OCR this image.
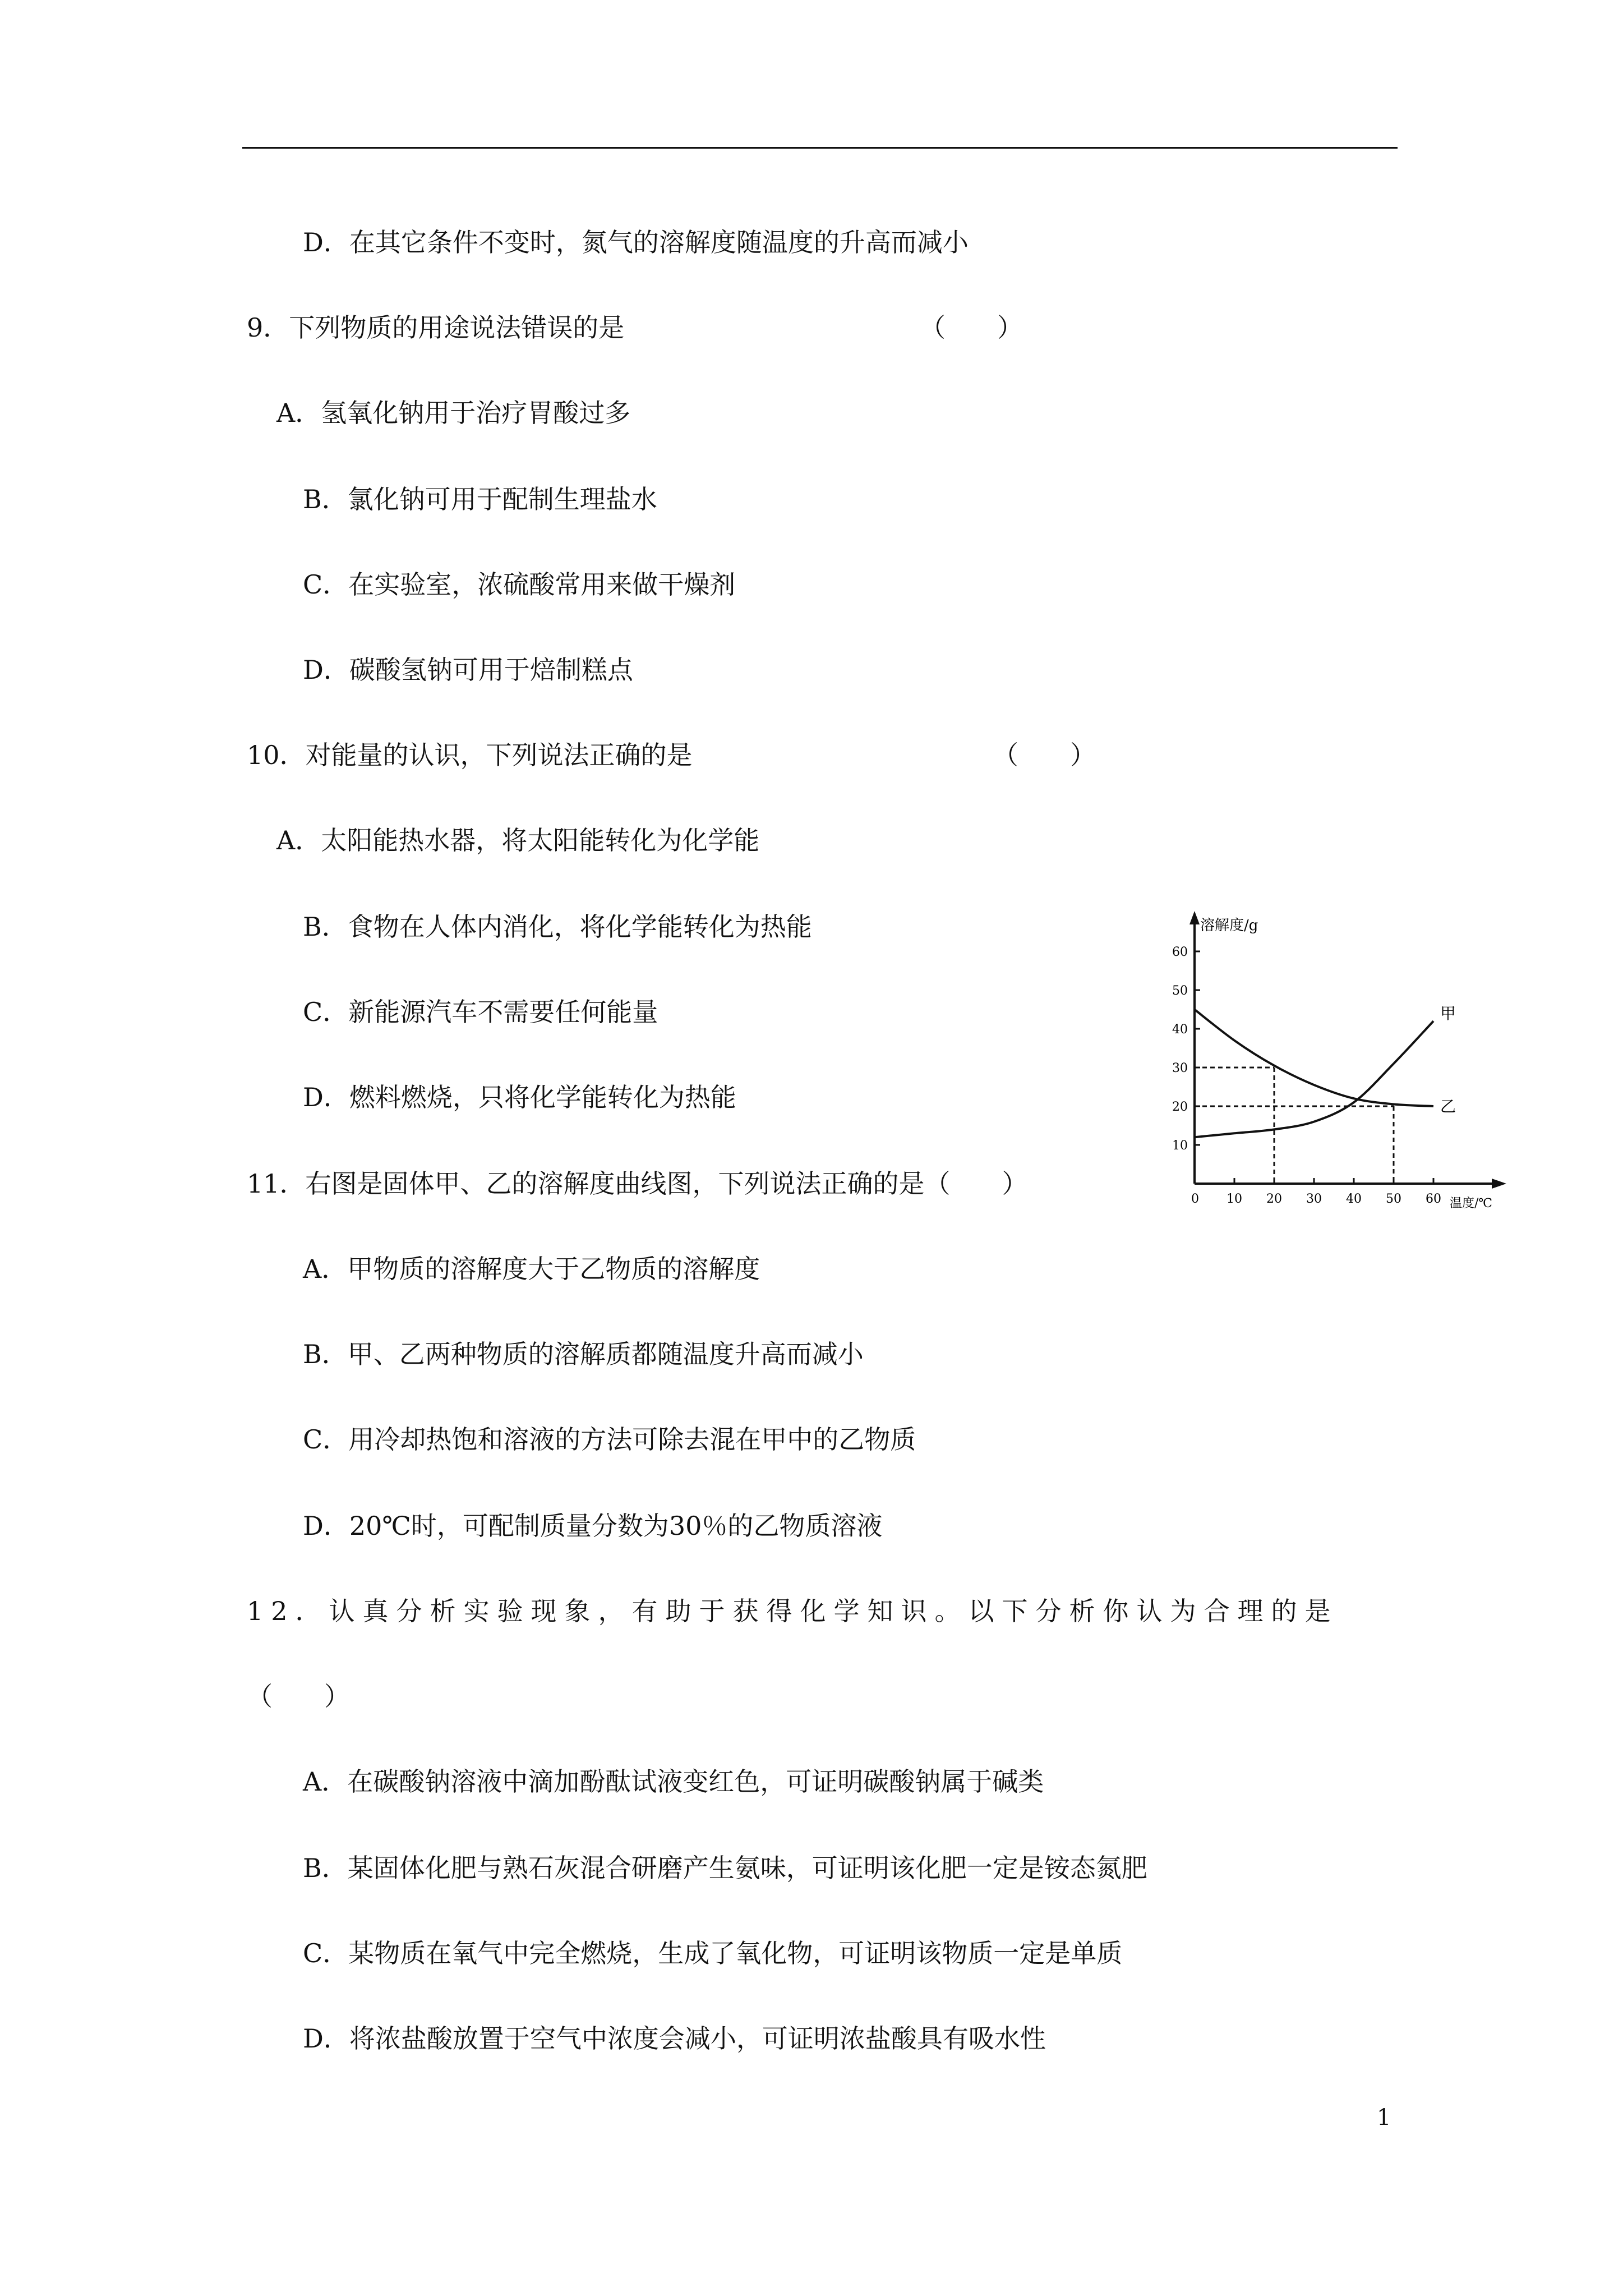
D．在其它条件不变时，氮气的溶解度随温度的升高而减小
9．下列物质的用途说法错误的是	（　　）
A．氢氧化钠用于治疗胃酸过多
B．氯化钠可用于配制生理盐水
C．在实验室，浓硫酸常用来做干燥剂
D．碳酸氢钠可用于焙制糕点
10．对能量的认识，下列说法正确的是	（　　）
A．太阳能热水器，将太阳能转化为化学能
B．食物在人体内消化，将化学能转化为热能
C．新能源汽车不需要任何能量
D．燃料燃烧，只将化学能转化为热能
11．右图是固体甲、乙的溶解度曲线图，下列说法正确的是（　　）
A．甲物质的溶解度大于乙物质的溶解度
B．甲、乙两种物质的溶解质都随温度升高而减小
C．用冷却热饱和溶液的方法可除去混在甲中的乙物质
D．20℃时，可配制质量分数为30％的乙物质溶液
10
20
30
40
50
60
0 10 20 30 40 50 60
甲
乙
溶解度/g
温度/℃
12．认真分析实验现象，有助于获得化学知识。以下分析你认为合理的是
（　　）
A．在碳酸钠溶液中滴加酚酞试液变红色，可证明碳酸钠属于碱类
B．某固体化肥与熟石灰混合研磨产生氨味，可证明该化肥一定是铵态氮肥
C．某物质在氧气中完全燃烧，生成了氧化物，可证明该物质一定是单质
D．将浓盐酸放置于空气中浓度会减小，可证明浓盐酸具有吸水性
1
